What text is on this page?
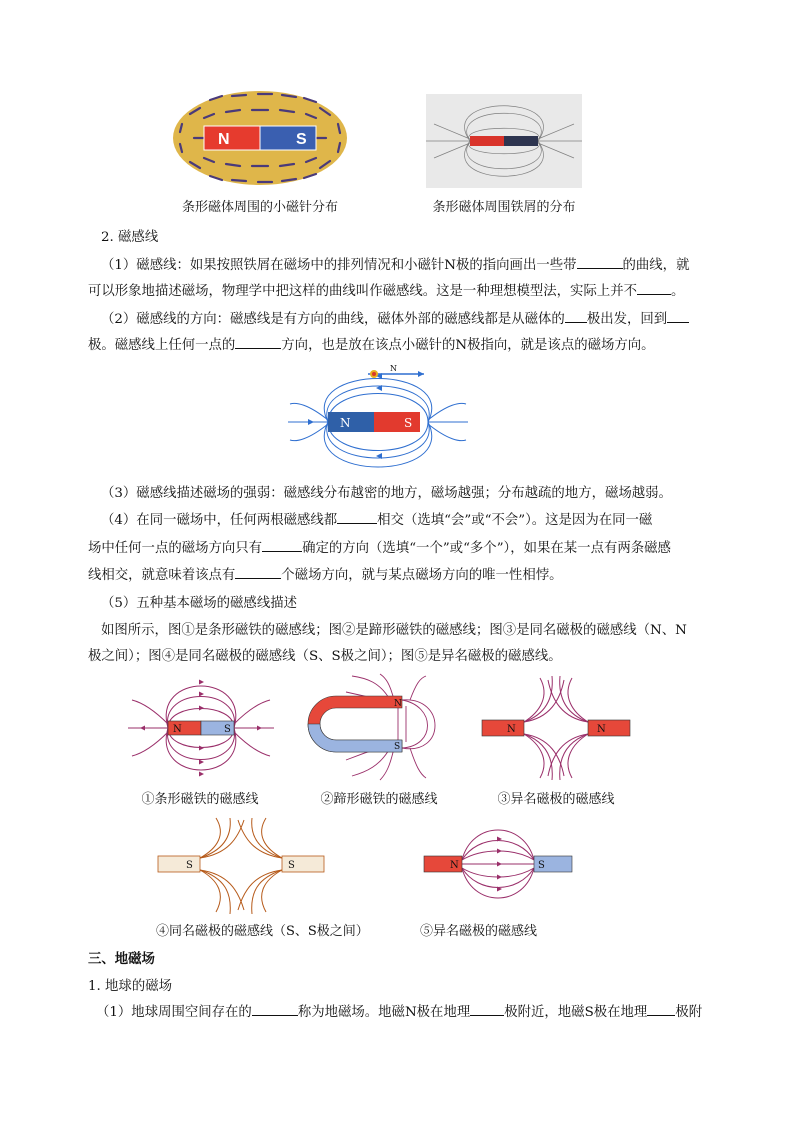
N	S
条形磁体周围的小磁针分布	条形磁体周围铁屑的分布
2. 磁感线
（1）磁感线：如果按照铁屑在磁场中的排列情况和小磁针N极的指向画出一些带	的曲线，就
可以形象地描述磁场，物理学中把这样的曲线叫作磁感线。这是一种理想模型法，实际上并不	。
（2）磁感线的方向：磁感线是有方向的曲线，磁体外部的磁感线都是从磁体的 极出发，回到
极。磁感线上任何一点的	方向，也是放在该点小磁针的N极指向，就是该点的磁场方向。
N
N	S
（3）磁感线描述磁场的强弱：磁感线分布越密的地方，磁场越强；分布越疏的地方，磁场越弱。
（4）在同一磁场中，任何两根磁感线都	相交（选填“会”或“不会”）。这是因为在同一磁
场中任何一点的磁场方向只有	确定的方向（选填“一个”或“多个”），如果在某一点有两条磁感
线相交，就意味着该点有	个磁场方向，就与某点磁场方向的唯一性相悖。
（5）五种基本磁场的磁感线描述
如图所示，图①是条形磁铁的磁感线；图②是蹄形磁铁的磁感线；图③是同名磁极的磁感线（N、N
极之间）；图④是同名磁极的磁感线（S、S极之间）；图⑤是异名磁极的磁感线。
N	S
N
S
N	N
①条形磁铁的磁感线	②蹄形磁铁的磁感线	③异名磁极的磁感线
S	S	N	S
④同名磁极的磁感线（S、S极之间）	⑤异名磁极的磁感线
三、地磁场
1. 地球的磁场
（1）地球周围空间存在的	称为地磁场。地磁N极在地理	极附近，地磁S极在地理 极附
